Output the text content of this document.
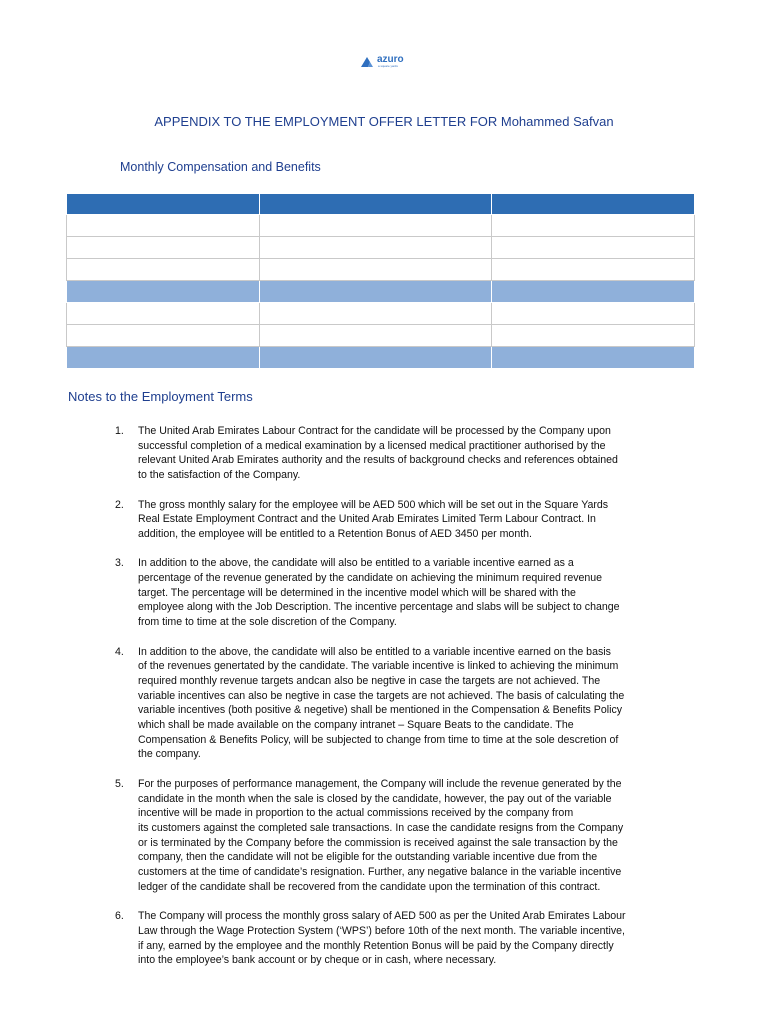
azuro
a square yards
APPENDIX TO THE EMPLOYMENT OFFER LETTER FOR Mohammed Safvan
Monthly Compensation and Benefits

Notes to the Employment Terms
1. The United Arab Emirates Labour Contract for the candidate will be processed by the Company upon
successful completion of a medical examination by a licensed medical practitioner authorised by the
relevant United Arab Emirates authority and the results of background checks and references obtained
to the satisfaction of the Company.
2. The gross monthly salary for the employee will be AED 500 which will be set out in the Square Yards
Real Estate Employment Contract and the United Arab Emirates Limited Term Labour Contract. In
addition, the employee will be entitled to a Retention Bonus of AED 3450 per month.
3. In addition to the above, the candidate will also be entitled to a variable incentive earned as a
percentage of the revenue generated by the candidate on achieving the minimum required revenue
target. The percentage will be determined in the incentive model which will be shared with the
employee along with the Job Description. The incentive percentage and slabs will be subject to change
from time to time at the sole discretion of the Company.
4. In addition to the above, the candidate will also be entitled to a variable incentive earned on the basis
of the revenues genertated by the candidate. The variable incentive is linked to achieving the minimum
required monthly revenue targets andcan also be negtive in case the targets are not achieved. The
variable incentives can also be negtive in case the targets are not achieved. The basis of calculating the
variable incentives (both positive & negetive) shall be mentioned in the Compensation & Benefits Policy
which shall be made available on the company intranet – Square Beats to the candidate. The
Compensation & Benefits Policy, will be subjected to change from time to time at the sole descretion of
the company.
5. For the purposes of performance management, the Company will include the revenue generated by the
candidate in the month when the sale is closed by the candidate, however, the pay out of the variable
incentive will be made in proportion to the actual commissions received by the company from
its customers against the completed sale transactions. In case the candidate resigns from the Company
or is terminated by the Company before the commission is received against the sale transaction by the
company, then the candidate will not be eligible for the outstanding variable incentive due from the
customers at the time of candidate’s resignation. Further, any negative balance in the variable incentive
ledger of the candidate shall be recovered from the candidate upon the termination of this contract.
6. The Company will process the monthly gross salary of AED 500 as per the United Arab Emirates Labour
Law through the Wage Protection System (‘WPS’) before 10th of the next month. The variable incentive,
if any, earned by the employee and the monthly Retention Bonus will be paid by the Company directly
into the employee’s bank account or by cheque or in cash, where necessary.
